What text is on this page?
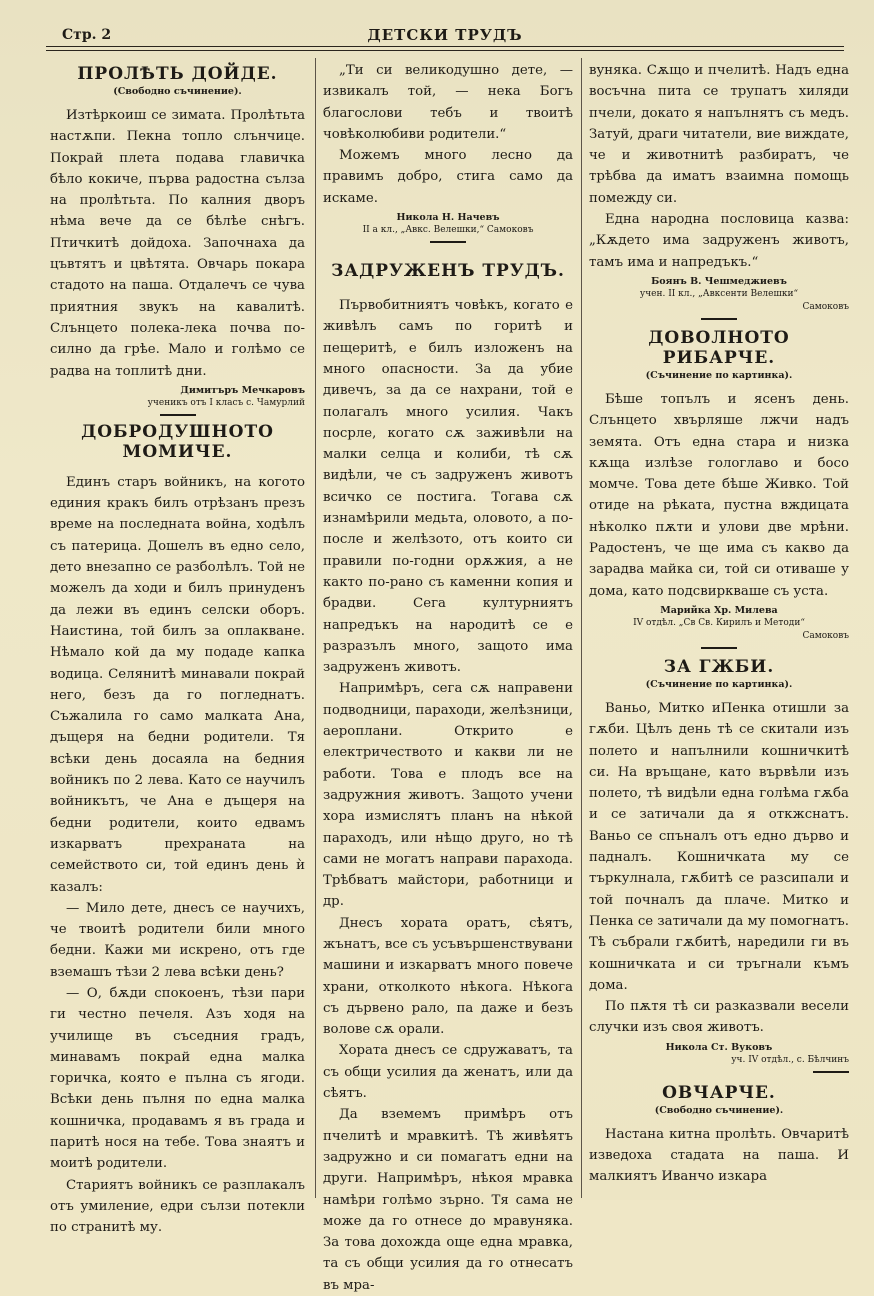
Стр. 2	ДЕТСКИ ТРУДЪ
ПРОЛѢТЬ ДОЙДЕ.
(Свободно съчинение).

Изтѣркоиш се зимата. Пролѣтьта настѫпи. Пекна топло слънчице. Покрай плета подава главичка бѣло кокиче, първа радостна сълза на пролѣтьта. По калния дворъ нѣма вече да се бѣлѣе снѣгъ. Птичкитѣ дойдоха. Започнаха да цъвтятъ и цвѣтята. Овчарь покара стадото на паша. Отдалечъ се чува приятния звукъ на кавалитѣ. Слънцето полека-лека почва по-силно да грѣе. Мало и голѣмо се радва на топлитѣ дни.

Димитъръ Мечкаровъ
ученикъ отъ I класъ с. Чамурлий
ДОБРОДУШНОТО МОМИЧЕ.

Единъ старъ войникъ, на когото единия кракъ билъ отрѣзанъ презъ време на последната война, ходѣлъ съ патерица. Дошелъ въ едно село, дето внезапно се разболѣлъ. Той не можелъ да ходи и билъ принуденъ да лежи въ единъ селски оборъ. Наистина, той билъ за оплакване. Нѣмало кой да му подаде капка водица. Селянитѣ минавали покрай него, безъ да го погледнатъ. Съжалила го само малката Ана, дъщеря на бедни родители. Тя всѣки день досаяла на бедния войникъ по 2 лева. Като се научилъ войникътъ, че Ана е дъщеря на бедни родители, които едвамъ изкарватъ прехраната на семейството си, той единъ день ѝ казалъ:

— Мило дете, днесъ се научихъ, че твоитѣ родители били много бедни. Кажи ми искрено, отъ где вземашъ тѣзи 2 лева всѣки день?

— О, бѫди спокоенъ, тѣзи пари ги честно печеля. Азъ ходя на училище въ съседния градъ, минавамъ покрай една малка горичка, която е пълна съ ягоди. Всѣки день пълня по една малка кошничка, продавамъ я въ града и паритѣ нося на тебе. Това знаятъ и моитѣ родители.

Стариятъ войникъ се разплакалъ отъ умиление, едри сълзи потекли по странитѣ му.

„Ти си великодушно дете, — извикалъ той, — нека Богъ благослови тебъ и твоитѣ човѣколюбиви родители.“

Можемъ много лесно да правимъ добро, стига само да искаме.

Никола Н. Начевъ
II а кл., „Авкс. Велешки,“ Самоковъ
ЗАДРУЖЕНЪ ТРУДЪ.

Първобитниятъ човѣкъ, когато е живѣлъ самъ по горитѣ и пещеритѣ, е билъ изложенъ на много опасности. За да убие дивечъ, за да се нахрани, той е полагалъ много усилия. Чакъ посрле, когато сѫ заживѣли на малки селца и колиби, тѣ сѫ видѣли, че съ задруженъ животъ всичко се постига. Тогава сѫ изнамѣрили медьта, оловото, а по-после и желѣзото, отъ които си правили по-годни орѫжия, а не както по-рано съ каменни копия и брадви. Сега културниятъ напредъкъ на народитѣ се е разразълъ много, защото има задруженъ животъ.

Напримѣръ, сега сѫ направени подводници, параходи, желѣзници, аероплани. Открито е електричеството и какви ли не работи. Това е плодъ все на задружния животъ. Защото учени хора измислятъ планъ на нѣкой параходъ, или нѣщо друго, но тѣ сами не могатъ направи парахода. Трѣбватъ майстори, работници и др.

Днесъ хората оратъ, сѣятъ, жънатъ, все съ усъвършенствувани машини и изкарватъ много повече храни, отколкото нѣкога. Нѣкога съ дървено рало, па даже и безъ волове сѫ орали.

Хората днесъ се сдружаватъ, та съ общи усилия да женатъ, или да сѣятъ.

Да вземемъ примѣръ отъ пчелитѣ и мравкитѣ. Тѣ живѣятъ задружно и си помагатъ едни на други. Напримѣръ, нѣкоя мравка намѣри голѣмо зърно. Тя сама не може да го отнесе до мравуняка. За това дохожда още една мравка, та съ общи усилия да го отнесатъ въ мра-

вуняка. Сѫщо и пчелитѣ. Надъ една восъчна пита се трупатъ хиляди пчели, докато я напълнятъ съ медъ. Затуй, драги читатели, вие виждате, че и животнитѣ разбиратъ, че трѣбва да иматъ взаимна помощь помежду си.

Една народна пословица казва: „Кѫдето има задруженъ животъ, тамъ има и напредъкъ.“

Боянъ В. Чешмеджиевъ
учен. II кл., „Авксенти Велешки“
Самоковъ
ДОВОЛНОТО РИБАРЧЕ.
(Съчинение по картинка).

Бѣше топълъ и ясенъ день. Слънцето хвърляше лжчи надъ земята. Отъ една стара и низка кѫща излѣзе гологлаво и босо момче. Това дете бѣше Живко. Той отиде на рѣката, пустна вждицата нѣколко пѫти и улови две мрѣни. Радостенъ, че ще има съ какво да зарадва майка си, той си отиваше у дома, като подсвиркваше съ уста.

Марийка Хр. Милева
IV отдѣл. „Св Св. Кирилъ и Методи“
Самоковъ
ЗА ГЖБИ.
(Съчинение по картинка).

Ваньо, Митко иПенка отишли за гѫби. Цѣлъ день тѣ се скитали изъ полето и напълнили кошничкитѣ си. На връщане, като вървѣли изъ полето, тѣ видѣли една голѣма гѫба и се затичали да я откжснатъ. Ваньо се спъналъ отъ едно дърво и падналъ. Кошничката му се търкулнала, гѫбитѣ се разсипали и той почналъ да плаче. Митко и Пенка се затичали да му помогнатъ. Тѣ събрали гѫбитѣ, наредили ги въ кошничката и си тръгнали къмъ дома.

По пѫтя тѣ си разказвали весели случки изъ своя животъ.

Никола Ст. Вуковъ
уч. IV отдѣл., с. Бѣлчинъ
ОВЧАРЧЕ.
(Свободно съчинение).

Настана китна пролѣть. Овчаритѣ изведоха стадата на паша. И малкиятъ Иванчо изкара
